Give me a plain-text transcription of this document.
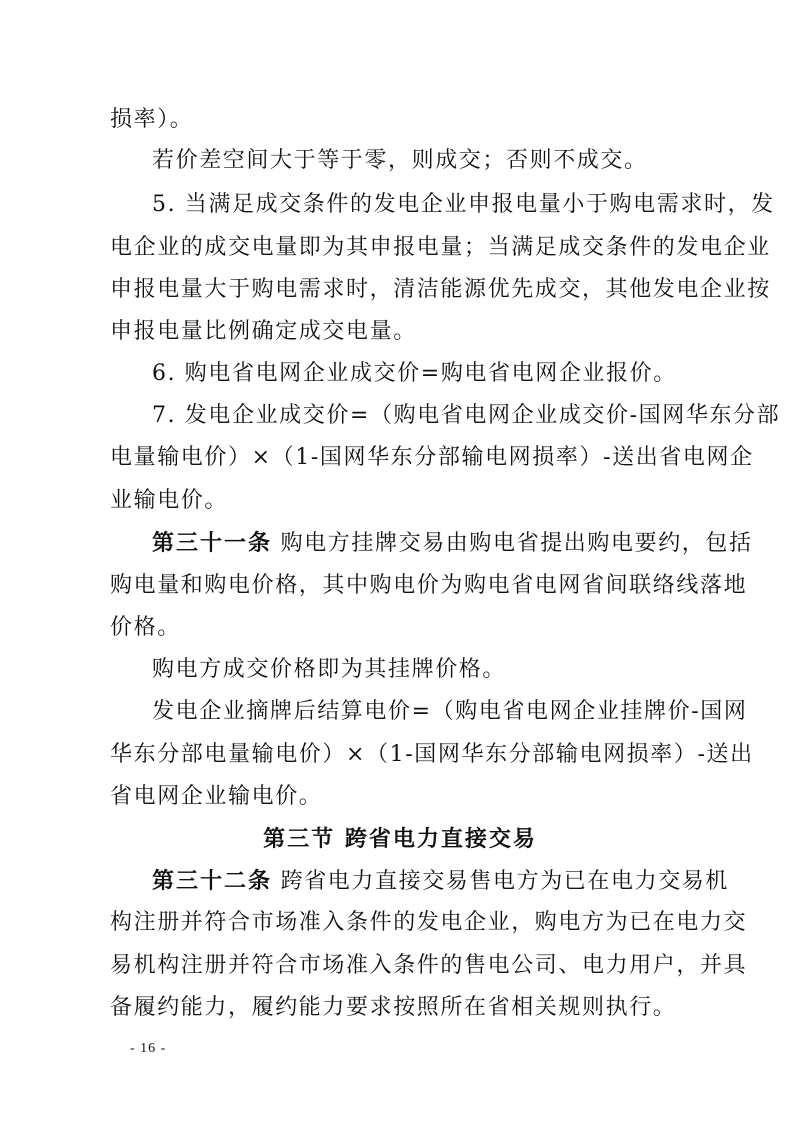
损率）。
若价差空间大于等于零，则成交；否则不成交。
5. 当满足成交条件的发电企业申报电量小于购电需求时，发
电企业的成交电量即为其申报电量；当满足成交条件的发电企业
申报电量大于购电需求时，清洁能源优先成交，其他发电企业按
申报电量比例确定成交电量。
6. 购电省电网企业成交价=购电省电网企业报价。
7. 发电企业成交价=（购电省电网企业成交价-国网华东分部
电量输电价）×（1-国网华东分部输电网损率）-送出省电网企
业输电价。
第三十一条 购电方挂牌交易由购电省提出购电要约，包括
购电量和购电价格，其中购电价为购电省电网省间联络线落地
价格。
购电方成交价格即为其挂牌价格。
发电企业摘牌后结算电价=（购电省电网企业挂牌价-国网
华东分部电量输电价）×（1-国网华东分部输电网损率）-送出
省电网企业输电价。
第三节 跨省电力直接交易
第三十二条 跨省电力直接交易售电方为已在电力交易机
构注册并符合市场准入条件的发电企业，购电方为已在电力交
易机构注册并符合市场准入条件的售电公司、电力用户，并具
备履约能力，履约能力要求按照所在省相关规则执行。
- 16 -
